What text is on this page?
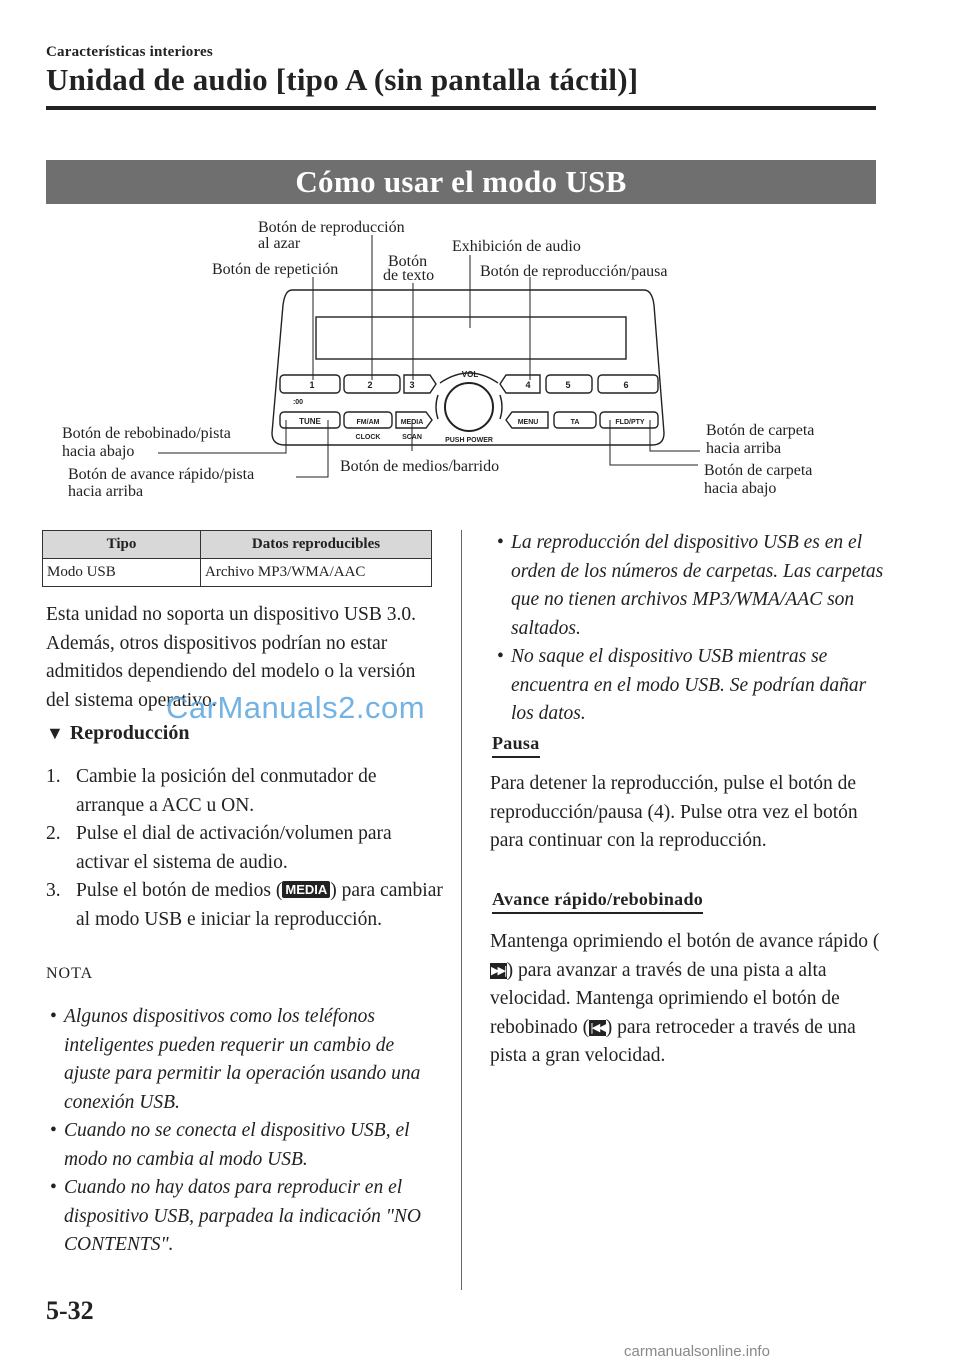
Características interiores
Unidad de audio [tipo A (sin pantalla táctil)]
Cómo usar el modo USB
1	2	3	4	5	6
:00
TUNE	FM/AM	MEDIA
CLOCK	SCAN
VOL
PUSH POWER
MENU	TA	FLD/PTY
Botón de reproducción
al azar
Botón de repetición	Botón
de texto
Exhibición de audio
Botón de reproducción/pausa
Botón de rebobinado/pista
hacia abajo
Botón de avance rápido/pista
hacia arriba
Botón de medios/barrido
Botón de carpeta
hacia arriba
Botón de carpeta
hacia abajo
Tipo	Datos reproducibles
Modo USB	Archivo MP3/WMA/AAC
Esta unidad no soporta un dispositivo USB 3.0. Además, otros dispositivos podrían no estar admitidos dependiendo del modelo o la versión del sistema operativo.
CarManuals2.com
▼ Reproducción
1. Cambie la posición del conmutador de arranque a ACC u ON.
2. Pulse el dial de activación/volumen para activar el sistema de audio.
3. Pulse el botón de medios ( MEDIA ) para cambiar al modo USB e iniciar la reproducción.
NOTA
• Algunos dispositivos como los teléfonos inteligentes pueden requerir un cambio de ajuste para permitir la operación usando una conexión USB.
• Cuando no se conecta el dispositivo USB, el modo no cambia al modo USB.
• Cuando no hay datos para reproducir en el dispositivo USB, parpadea la indicación "NO CONTENTS".
• La reproducción del dispositivo USB es en el orden de los números de carpetas. Las carpetas que no tienen archivos MP3/WMA/AAC son saltados.
• No saque el dispositivo USB mientras se encuentra en el modo USB. Se podrían dañar los datos.
Pausa
Para detener la reproducción, pulse el botón de reproducción/pausa (4). Pulse otra vez el botón para continuar con la reproducción.
Avance rápido/rebobinado
Mantenga oprimiendo el botón de avance rápido (▶▶|) para avanzar a través de una pista a alta velocidad. Mantenga oprimiendo el botón de rebobinado (|◀◀) para retroceder a través de una pista a gran velocidad.
5-32
carmanualsonline.info
